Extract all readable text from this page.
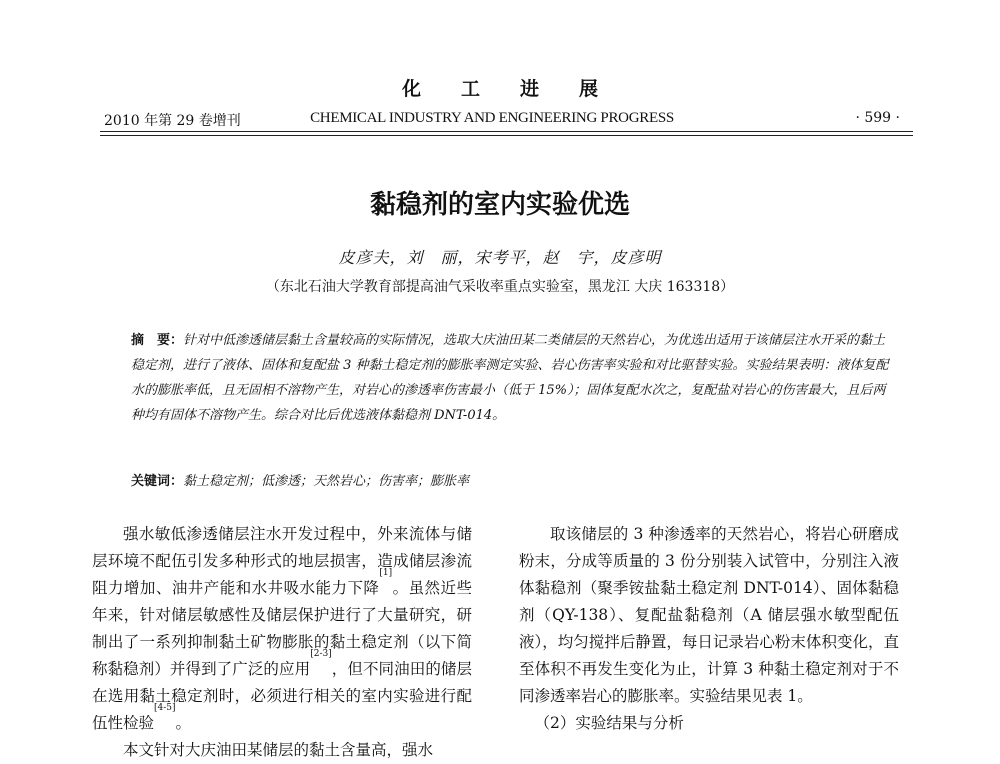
化工进展
2010 年第 29 卷增刊	CHEMICAL INDUSTRY AND ENGINEERING PROGRESS	· 599 ·
黏稳剂的室内实验优选
皮彦夫，刘　丽，宋考平，赵　宇，皮彦明
（东北石油大学教育部提高油气采收率重点实验室，黑龙江 大庆 163318）
摘　要：针对中低渗透储层黏土含量较高的实际情况，选取大庆油田某二类储层的天然岩心，为优选出适用于该储层注水开采的黏土稳定剂，进行了液体、固体和复配盐 3 种黏土稳定剂的膨胀率测定实验、岩心伤害率实验和对比驱替实验。实验结果表明：液体复配水的膨胀率低，且无固相不溶物产生，对岩心的渗透率伤害最小（低于 15%）；固体复配水次之，复配盐对岩心的伤害最大，且后两种均有固体不溶物产生。综合对比后优选液体黏稳剂 DNT-014。
关键词：黏土稳定剂；低渗透；天然岩心；伤害率；膨胀率

强水敏低渗透储层注水开发过程中，外来流体与储层环境不配伍引发多种形式的地层损害，造成储层渗流阻力增加、油井产能和水井吸水能力下降[1]。虽然近些年来，针对储层敏感性及储层保护进行了大量研究，研制出了一系列抑制黏土矿物膨胀的黏土稳定剂（以下简称黏稳剂）并得到了广泛的应用[2-3]，但不同油田的储层在选用黏土稳定剂时，必须进行相关的室内实验进行配伍性检验[4-5]。

本文针对大庆油田某储层的黏土含量高，强水

取该储层的 3 种渗透率的天然岩心，将岩心研磨成粉末，分成等质量的 3 份分别装入试管中，分别注入液体黏稳剂（聚季铵盐黏土稳定剂 DNT-014）、固体黏稳剂（QY-138）、复配盐黏稳剂（A 储层强水敏型配伍液），均匀搅拌后静置，每日记录岩心粉末体积变化，直至体积不再发生变化为止，计算 3 种黏土稳定剂对于不同渗透率岩心的膨胀率。实验结果见表 1。

（2）实验结果与分析
